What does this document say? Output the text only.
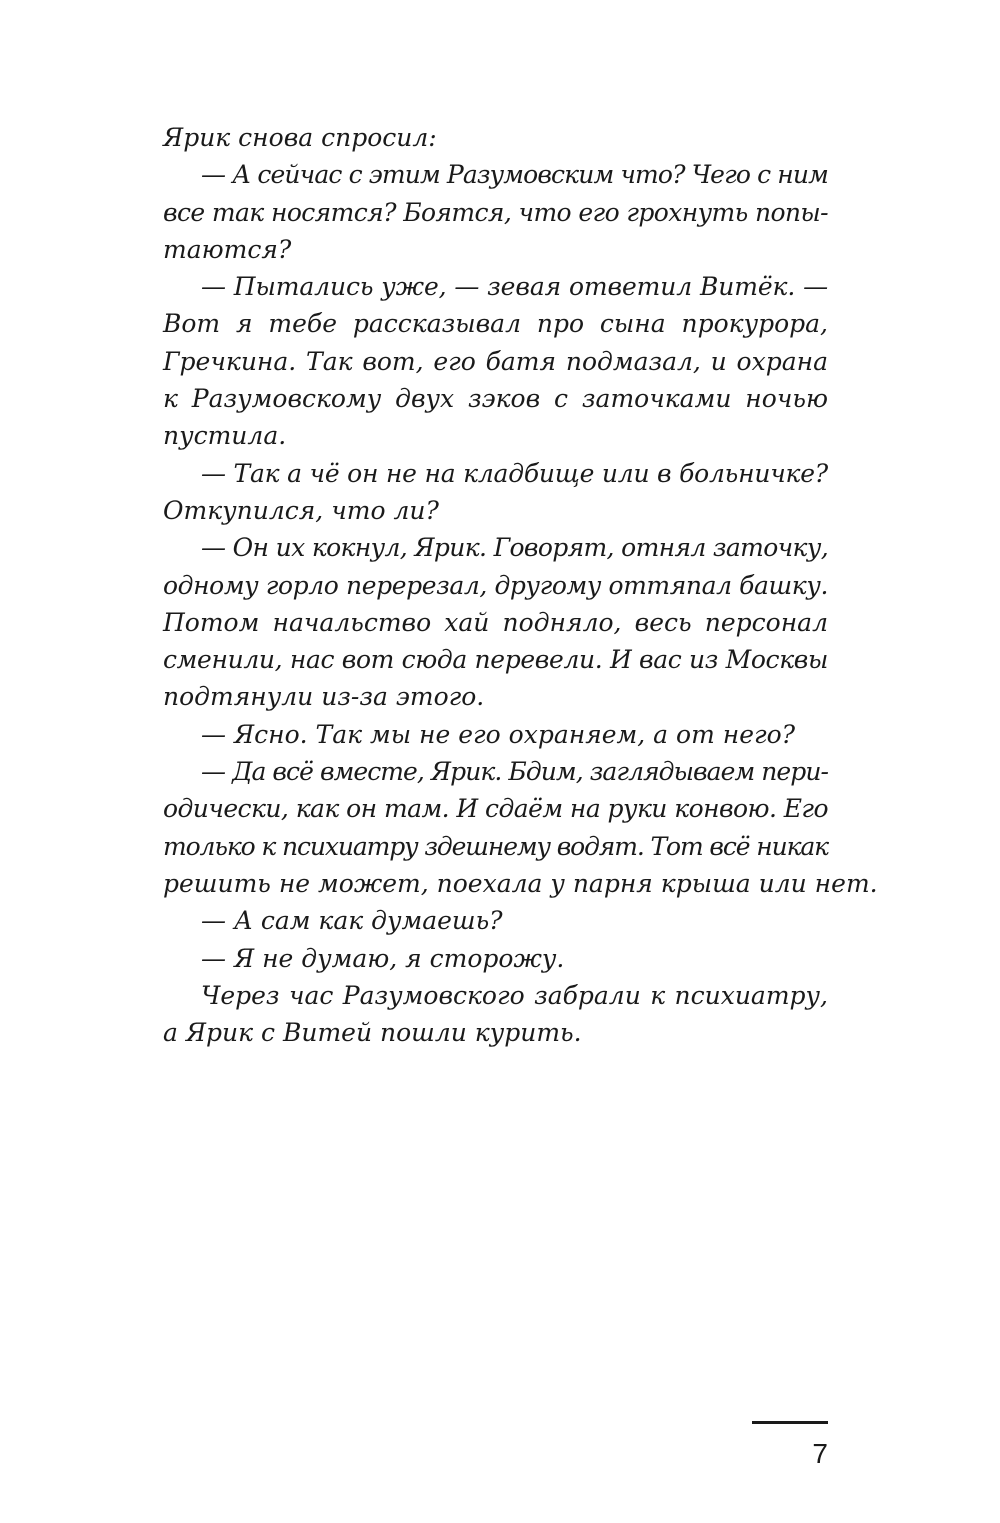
Ярик снова спросил:
— А сейчас с этим Разумовским что? Чего с ним
все так носятся? Боятся, что его грохнуть попы-
таются?
— Пытались уже, — зевая ответил Витёк. —
Вот я тебе рассказывал про сына прокурора,
Гречкина. Так вот, его батя подмазал, и охрана
к Разумовскому двух зэков с заточками ночью
пустила.
— Так а чё он не на кладбище или в больничке?
Откупился, что ли?
— Он их кокнул, Ярик. Говорят, отнял заточку,
одному горло перерезал, другому оттяпал башку.
Потом начальство хай подняло, весь персонал
сменили, нас вот сюда перевели. И вас из Москвы
подтянули из-за этого.
— Ясно. Так мы не его охраняем, а от него?
— Да всё вместе, Ярик. Бдим, заглядываем пери-
одически, как он там. И сдаём на руки конвою. Его
только к психиатру здешнему водят. Тот всё никак
решить не может, поехала у парня крыша или нет.
— А сам как думаешь?
— Я не думаю, я сторожу.
Через час Разумовского забрали к психиатру,
а Ярик с Витей пошли курить.
7
